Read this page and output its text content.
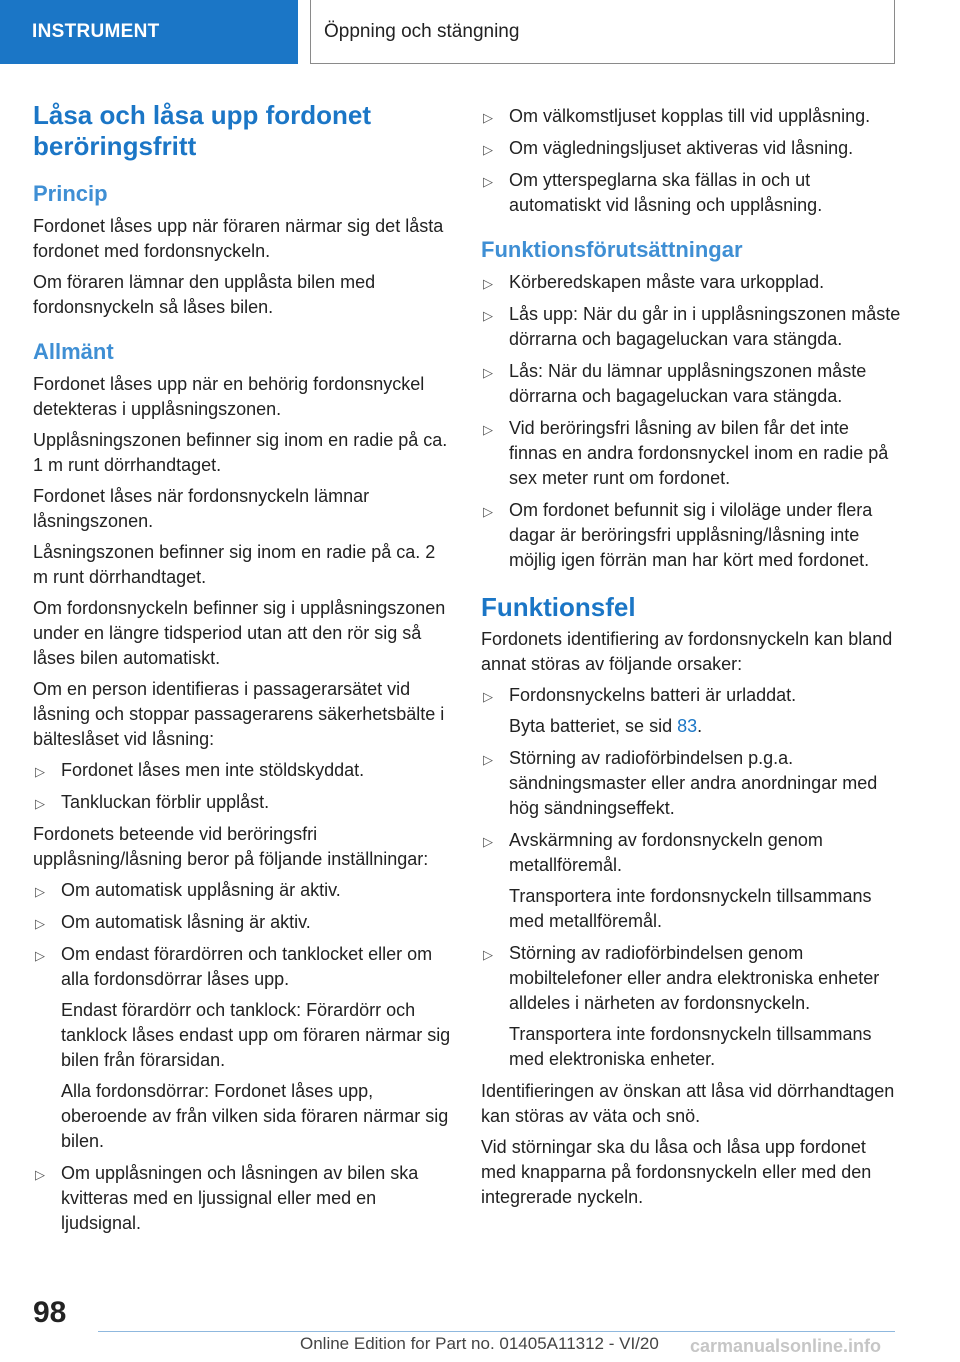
INSTRUMENT	Öppning och stängning
Låsa och låsa upp fordonet
beröringsfritt
Princip

Fordonet låses upp när föraren närmar sig det låsta fordonet med fordonsnyckeln.

Om föraren lämnar den upplåsta bilen med fordonsnyckeln så låses bilen.

Allmänt

Fordonet låses upp när en behörig fordonsnyckel detekteras i upplåsningszonen.

Upplåsningszonen befinner sig inom en radie på ca. 1 m runt dörrhandtaget.

Fordonet låses när fordonsnyckeln lämnar låsningszonen.

Låsningszonen befinner sig inom en radie på ca. 2 m runt dörrhandtaget.

Om fordonsnyckeln befinner sig i upplåsningszonen under en längre tidsperiod utan att den rör sig så låses bilen automatiskt.

Om en person identifieras i passagerarsätet vid låsning och stoppar passagerarens säkerhetsbälte i bälteslåset vid låsning:

▷ Fordonet låses men inte stöldskyddat.
▷ Tankluckan förblir upplåst.

Fordonets beteende vid beröringsfri upplåsning/låsning beror på följande inställningar:

▷ Om automatisk upplåsning är aktiv.
▷ Om automatisk låsning är aktiv.
▷ Om endast förardörren och tanklocket eller om alla fordonsdörrar låses upp.
Endast förardörr och tanklock: Förardörr och tanklock låses endast upp om föraren närmar sig bilen från förarsidan.
Alla fordonsdörrar: Fordonet låses upp, oberoende av från vilken sida föraren närmar sig bilen.
▷ Om upplåsningen och låsningen av bilen ska kvitteras med en ljussignal eller med en ljudsignal.
▷ Om välkomstljuset kopplas till vid upplåsning.
▷ Om vägledningsljuset aktiveras vid låsning.
▷ Om ytterspeglarna ska fällas in och ut automatiskt vid låsning och upplåsning.
Funktionsförutsättningar
▷ Körberedskapen måste vara urkopplad.
▷ Lås upp: När du går in i upplåsningszonen måste dörrarna och bagageluckan vara stängda.
▷ Lås: När du lämnar upplåsningszonen måste dörrarna och bagageluckan vara stängda.
▷ Vid beröringsfri låsning av bilen får det inte finnas en andra fordonsnyckel inom en radie på sex meter runt om fordonet.
▷ Om fordonet befunnit sig i viloläge under flera dagar är beröringsfri upplåsning/låsning inte möjlig igen förrän man har kört med fordonet.
Funktionsfel

Fordonets identifiering av fordonsnyckeln kan bland annat störas av följande orsaker:

▷ Fordonsnyckelns batteri är urladdat.
Byta batteriet, se sid 83.
▷ Störning av radioförbindelsen p.g.a. sändningsmaster eller andra anordningar med hög sändningseffekt.
▷ Avskärmning av fordonsnyckeln genom metallföremål.
Transportera inte fordonsnyckeln tillsammans med metallföremål.
▷ Störning av radioförbindelsen genom mobiltelefoner eller andra elektroniska enheter alldeles i närheten av fordonsnyckeln.
Transportera inte fordonsnyckeln tillsammans med elektroniska enheter.

Identifieringen av önskan att låsa vid dörrhandtagen kan störas av väta och snö.

Vid störningar ska du låsa och låsa upp fordonet med knapparna på fordonsnyckeln eller med den integrerade nyckeln.

98
Online Edition for Part no. 01405A11312 - VI/20 carmanualsonline.info
